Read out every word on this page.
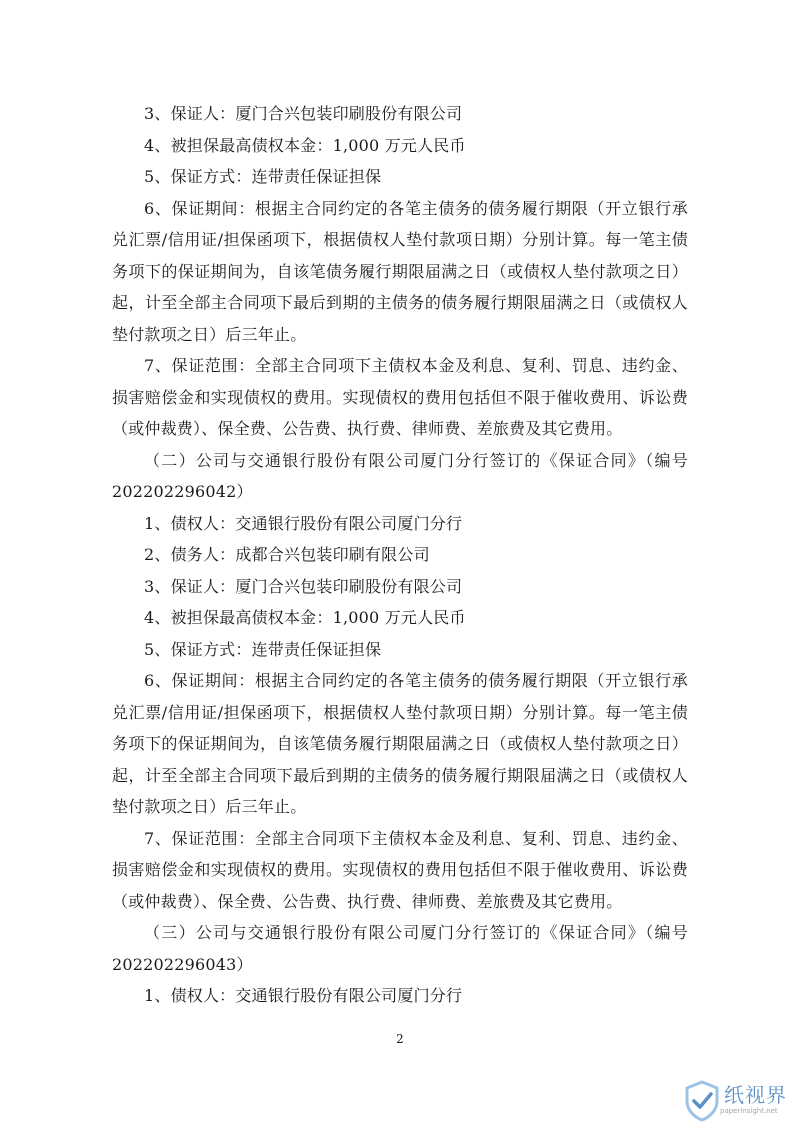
3、保证人：厦门合兴包装印刷股份有限公司

4、被担保最高债权本金：1,000 万元人民币

5、保证方式：连带责任保证担保

6、保证期间：根据主合同约定的各笔主债务的债务履行期限（开立银行承兑汇票/信用证/担保函项下，根据债权人垫付款项日期）分别计算。每一笔主债务项下的保证期间为，自该笔债务履行期限届满之日（或债权人垫付款项之日）起，计至全部主合同项下最后到期的主债务的债务履行期限届满之日（或债权人垫付款项之日）后三年止。

7、保证范围：全部主合同项下主债权本金及利息、复利、罚息、违约金、损害赔偿金和实现债权的费用。实现债权的费用包括但不限于催收费用、诉讼费（或仲裁费）、保全费、公告费、执行费、律师费、差旅费及其它费用。

（二）公司与交通银行股份有限公司厦门分行签订的《保证合同》（编号202202296042）

1、债权人：交通银行股份有限公司厦门分行

2、债务人：成都合兴包装印刷有限公司

3、保证人：厦门合兴包装印刷股份有限公司

4、被担保最高债权本金：1,000 万元人民币

5、保证方式：连带责任保证担保

6、保证期间：根据主合同约定的各笔主债务的债务履行期限（开立银行承兑汇票/信用证/担保函项下，根据债权人垫付款项日期）分别计算。每一笔主债务项下的保证期间为，自该笔债务履行期限届满之日（或债权人垫付款项之日）起，计至全部主合同项下最后到期的主债务的债务履行期限届满之日（或债权人垫付款项之日）后三年止。

7、保证范围：全部主合同项下主债权本金及利息、复利、罚息、违约金、损害赔偿金和实现债权的费用。实现债权的费用包括但不限于催收费用、诉讼费（或仲裁费）、保全费、公告费、执行费、律师费、差旅费及其它费用。

（三）公司与交通银行股份有限公司厦门分行签订的《保证合同》（编号202202296043）

1、债权人：交通银行股份有限公司厦门分行

2
纸视界
paperinsight.net
